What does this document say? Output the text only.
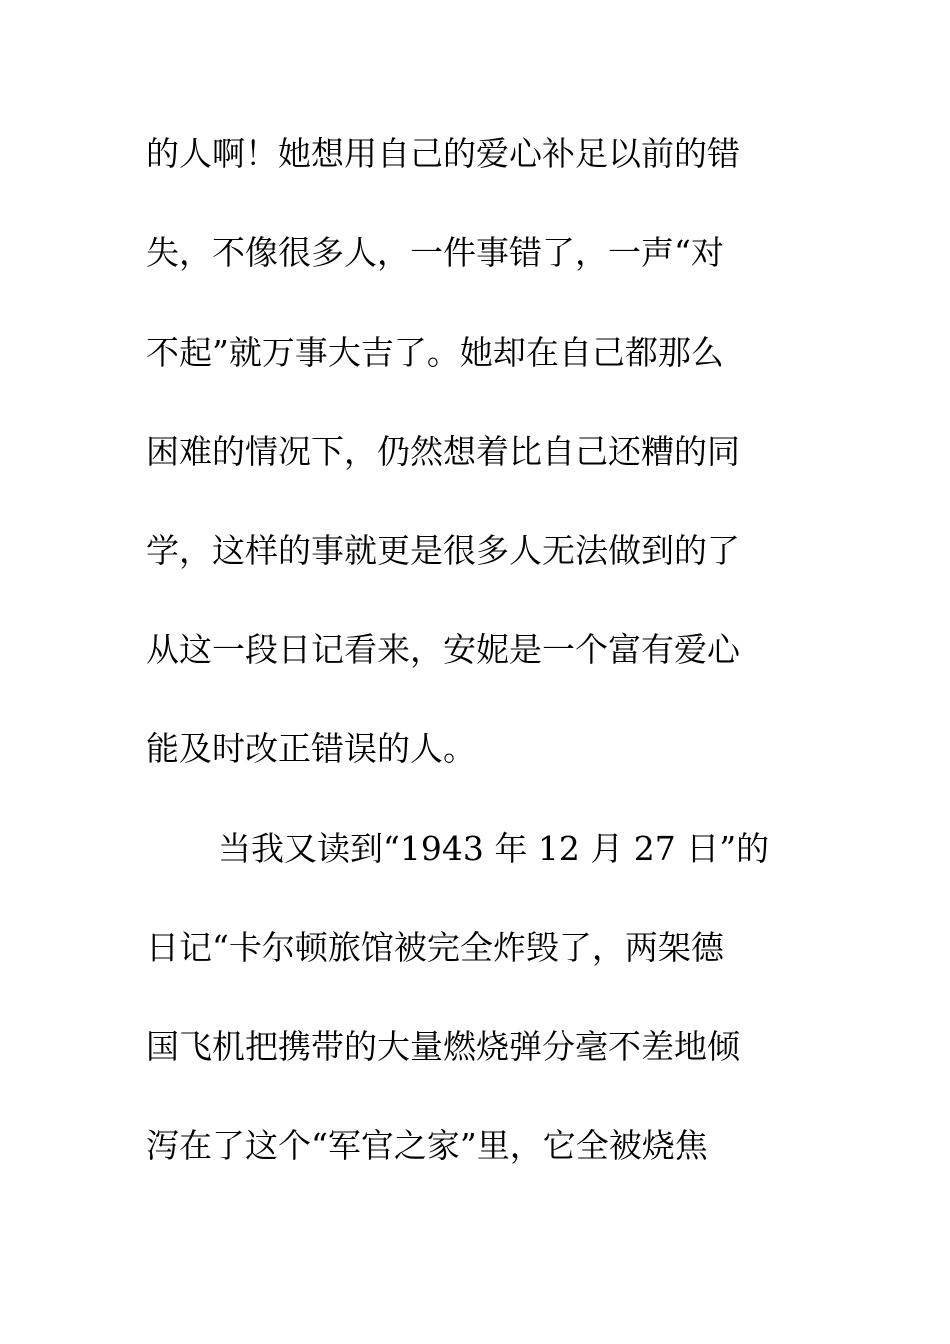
的人啊！她想用自己的爱心补足以前的错
失，不像很多人，一件事错了，一声“对
不起”就万事大吉了。她却在自己都那么
困难的情况下，仍然想着比自己还糟的同
学，这样的事就更是很多人无法做到的了
从这一段日记看来，安妮是一个富有爱心
能及时改正错误的人。
当我又读到“1943 年 12 月 27 日”的
日记“卡尔顿旅馆被完全炸毁了，两架德
国飞机把携带的大量燃烧弹分毫不差地倾
泻在了这个“军官之家”里，它全被烧焦
